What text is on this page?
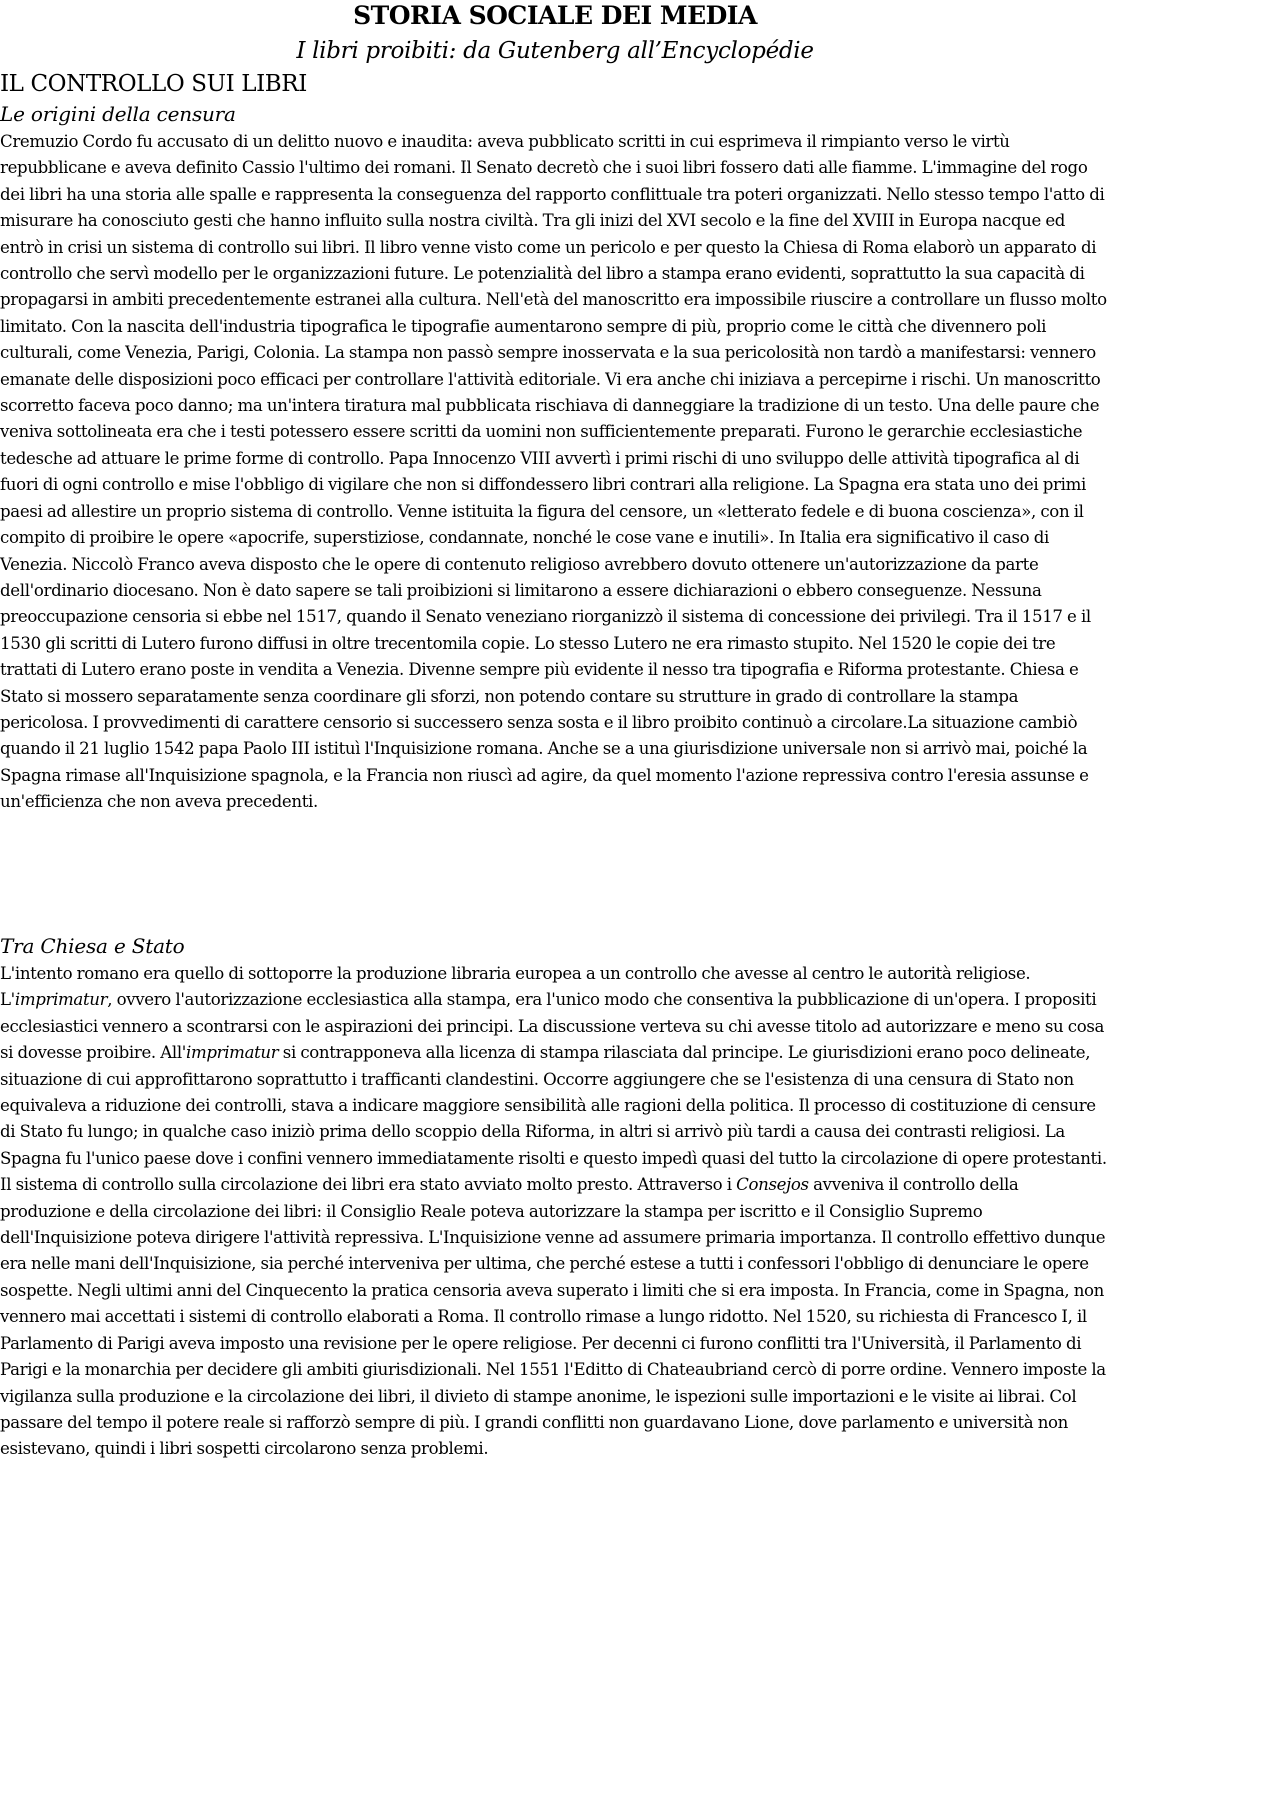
STORIA SOCIALE DEI MEDIA
I libri proibiti: da Gutenberg all’Encyclopédie
IL CONTROLLO SUI LIBRI
Le origini della censura

Cremuzio Cordo fu accusato di un delitto nuovo e inaudita: aveva pubblicato scritti in cui esprimeva il rimpianto verso le virtù repubblicane e aveva definito Cassio l'ultimo dei romani. Il Senato decretò che i suoi libri fossero dati alle fiamme. L'immagine del rogo dei libri ha una storia alle spalle e rappresenta la conseguenza del rapporto conflittuale tra poteri organizzati. Nello stesso tempo l'atto di misurare ha conosciuto gesti che hanno influito sulla nostra civiltà. Tra gli inizi del XVI secolo e la fine del XVIII in Europa nacque ed entrò in crisi un sistema di controllo sui libri. Il libro venne visto come un pericolo e per questo la Chiesa di Roma elaborò un apparato di controllo che servì modello per le organizzazioni future. Le potenzialità del libro a stampa erano evidenti, soprattutto la sua capacità di propagarsi in ambiti precedentemente estranei alla cultura. Nell'età del manoscritto era impossibile riuscire a controllare un flusso molto limitato. Con la nascita dell'industria tipografica le tipografie aumentarono sempre di più, proprio come le città che divennero poli culturali, come Venezia, Parigi, Colonia. La stampa non passò sempre inosservata e la sua pericolosità non tardò a manifestarsi: vennero emanate delle disposizioni poco efficaci per controllare l'attività editoriale. Vi era anche chi iniziava a percepirne i rischi. Un manoscritto scorretto faceva poco danno; ma un'intera tiratura mal pubblicata rischiava di danneggiare la tradizione di un testo. Una delle paure che veniva sottolineata era che i testi potessero essere scritti da uomini non sufficientemente preparati. Furono le gerarchie ecclesiastiche tedesche ad attuare le prime forme di controllo. Papa Innocenzo VIII avvertì i primi rischi di uno sviluppo delle attività tipografica al di fuori di ogni controllo e mise l'obbligo di vigilare che non si diffondessero libri contrari alla religione. La Spagna era stata uno dei primi paesi ad allestire un proprio sistema di controllo. Venne istituita la figura del censore, un «letterato fedele e di buona coscienza», con il compito di proibire le opere «apocrife, superstiziose, condannate, nonché le cose vane e inutili». In Italia era significativo il caso di Venezia. Niccolò Franco aveva disposto che le opere di contenuto religioso avrebbero dovuto ottenere un'autorizzazione da parte dell'ordinario diocesano. Non è dato sapere se tali proibizioni si limitarono a essere dichiarazioni o ebbero conseguenze. Nessuna preoccupazione censoria si ebbe nel 1517, quando il Senato veneziano riorganizzò il sistema di concessione dei privilegi. Tra il 1517 e il 1530 gli scritti di Lutero furono diffusi in oltre trecentomila copie. Lo stesso Lutero ne era rimasto stupito. Nel 1520 le copie dei tre trattati di Lutero erano poste in vendita a Venezia. Divenne sempre più evidente il nesso tra tipografia e Riforma protestante. Chiesa e Stato si mossero separatamente senza coordinare gli sforzi, non potendo contare su strutture in grado di controllare la stampa pericolosa. I provvedimenti di carattere censorio si successero senza sosta e il libro proibito continuò a circolare.La situazione cambiò quando il 21 luglio 1542 papa Paolo III istituì l'Inquisizione romana. Anche se a una giurisdizione universale non si arrivò mai, poiché la Spagna rimase all'Inquisizione spagnola, e la Francia non riuscì ad agire, da quel momento l'azione repressiva contro l'eresia assunse e un'efficienza che non aveva precedenti.

Tra Chiesa e Stato

L'intento romano era quello di sottoporre la produzione libraria europea a un controllo che avesse al centro le autorità religiose. L'imprimatur, ovvero l'autorizzazione ecclesiastica alla stampa, era l'unico modo che consentiva la pubblicazione di un'opera. I propositi ecclesiastici vennero a scontrarsi con le aspirazioni dei principi. La discussione verteva su chi avesse titolo ad autorizzare e meno su cosa si dovesse proibire. All'imprimatur si contrapponeva alla licenza di stampa rilasciata dal principe. Le giurisdizioni erano poco delineate, situazione di cui approfittarono soprattutto i trafficanti clandestini. Occorre aggiungere che se l'esistenza di una censura di Stato non equivaleva a riduzione dei controlli, stava a indicare maggiore sensibilità alle ragioni della politica. Il processo di costituzione di censure di Stato fu lungo; in qualche caso iniziò prima dello scoppio della Riforma, in altri si arrivò più tardi a causa dei contrasti religiosi. La Spagna fu l'unico paese dove i confini vennero immediatamente risolti e questo impedì quasi del tutto la circolazione di opere protestanti. Il sistema di controllo sulla circolazione dei libri era stato avviato molto presto. Attraverso i Consejos avveniva il controllo della produzione e della circolazione dei libri: il Consiglio Reale poteva autorizzare la stampa per iscritto e il Consiglio Supremo dell'Inquisizione poteva dirigere l'attività repressiva. L'Inquisizione venne ad assumere primaria importanza. Il controllo effettivo dunque era nelle mani dell'Inquisizione, sia perché interveniva per ultima, che perché estese a tutti i confessori l'obbligo di denunciare le opere sospette. Negli ultimi anni del Cinquecento la pratica censoria aveva superato i limiti che si era imposta. In Francia, come in Spagna, non vennero mai accettati i sistemi di controllo elaborati a Roma. Il controllo rimase a lungo ridotto. Nel 1520, su richiesta di Francesco I, il Parlamento di Parigi aveva imposto una revisione per le opere religiose. Per decenni ci furono conflitti tra l'Università, il Parlamento di Parigi e la monarchia per decidere gli ambiti giurisdizionali. Nel 1551 l'Editto di Chateaubriand cercò di porre ordine. Vennero imposte la vigilanza sulla produzione e la circolazione dei libri, il divieto di stampe anonime, le ispezioni sulle importazioni e le visite ai librai. Col passare del tempo il potere reale si rafforzò sempre di più. I grandi conflitti non guardavano Lione, dove parlamento e università non esistevano, quindi i libri sospetti circolarono senza problemi.
